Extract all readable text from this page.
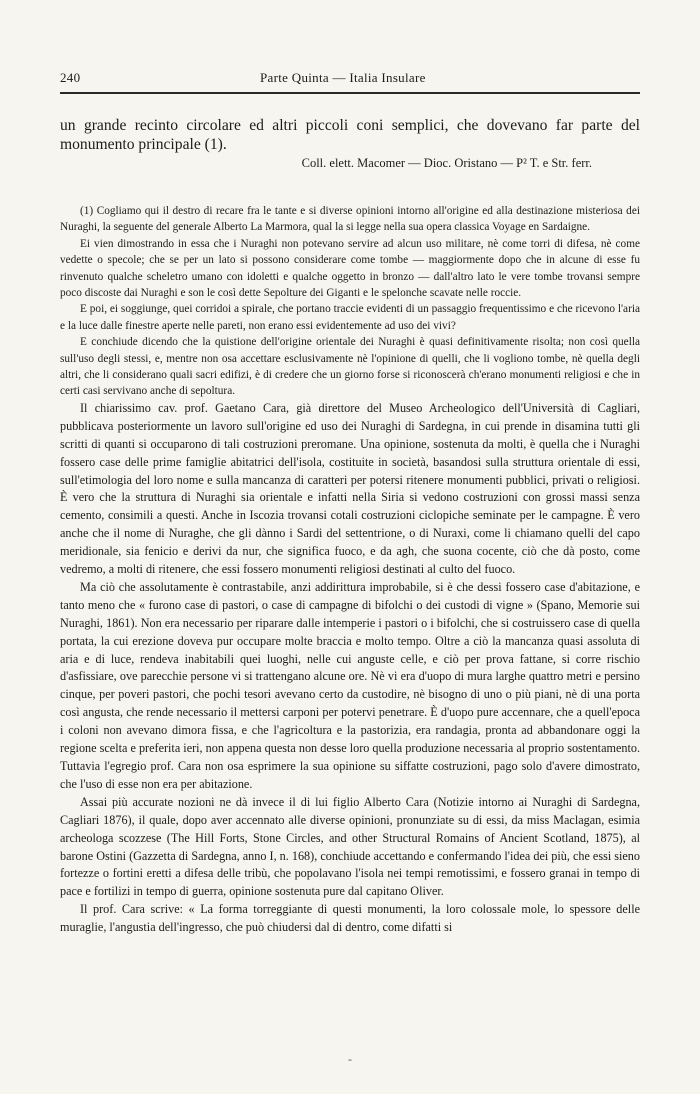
240	Parte Quinta — Italia Insulare

un grande recinto circolare ed altri piccoli coni semplici, che dovevano far parte del monumento principale (1).

Coll. elett. Macomer — Dioc. Oristano — P² T. e Str. ferr.

(1) Cogliamo qui il destro di recare fra le tante e si diverse opinioni intorno all'origine ed alla destinazione misteriosa dei Nuraghi, la seguente del generale Alberto La Marmora, qual la si legge nella sua opera classica Voyage en Sardaigne.

Ei vien dimostrando in essa che i Nuraghi non potevano servire ad alcun uso militare, nè come torri di difesa, nè come vedette o specole; che se per un lato si possono considerare come tombe — maggiormente dopo che in alcune di esse fu rinvenuto qualche scheletro umano con idoletti e qualche oggetto in bronzo — dall'altro lato le vere tombe trovansi sempre poco discoste dai Nuraghi e son le così dette Sepolture dei Giganti e le spelonche scavate nelle roccie.

E poi, ei soggiunge, quei corridoi a spirale, che portano traccie evidenti di un passaggio frequentissimo e che ricevono l'aria e la luce dalle finestre aperte nelle pareti, non erano essi evidentemente ad uso dei vivi?

E conchiude dicendo che la quistione dell'origine orientale dei Nuraghi è quasi definitivamente risolta; non così quella sull'uso degli stessi, e, mentre non osa accettare esclusivamente nè l'opinione di quelli, che li vogliono tombe, nè quella degli altri, che li considerano quali sacri edifizi, è di credere che un giorno forse si riconoscerà ch'erano monumenti religiosi e che in certi casi servivano anche di sepoltura.

Il chiarissimo cav. prof. Gaetano Cara, già direttore del Museo Archeologico dell'Università di Cagliari, pubblicava posteriormente un lavoro sull'origine ed uso dei Nuraghi di Sardegna, in cui prende in disamina tutti gli scritti di quanti si occuparono di tali costruzioni preromane. Una opinione, sostenuta da molti, è quella che i Nuraghi fossero case delle prime famiglie abitatrici dell'isola, costituite in società, basandosi sulla struttura orientale di essi, sull'etimologia del loro nome e sulla mancanza di caratteri per potersi ritenere monumenti pubblici, privati o religiosi. È vero che la struttura di Nuraghi sia orientale e infatti nella Siria si vedono costruzioni con grossi massi senza cemento, consimili a questi. Anche in Iscozia trovansi cotali costruzioni ciclopiche seminate per le campagne. È vero anche che il nome di Nuraghe, che gli dànno i Sardi del settentrione, o di Nuraxi, come li chiamano quelli del capo meridionale, sia fenicio e derivi da nur, che significa fuoco, e da agh, che suona cocente, ciò che dà posto, come vedremo, a molti di ritenere, che essi fossero monumenti religiosi destinati al culto del fuoco.

Ma ciò che assolutamente è contrastabile, anzi addirittura improbabile, si è che dessi fossero case d'abitazione, e tanto meno che « furono case di pastori, o case di campagne di bifolchi o dei custodi di vigne » (Spano, Memorie sui Nuraghi, 1861). Non era necessario per riparare dalle intemperie i pastori o i bifolchi, che si costruissero case di quella portata, la cui erezione doveva pur occupare molte braccia e molto tempo. Oltre a ciò la mancanza quasi assoluta di aria e di luce, rendeva inabitabili quei luoghi, nelle cui anguste celle, e ciò per prova fattane, si corre rischio d'asfissiare, ove parecchie persone vi si trattengano alcune ore. Nè vi era d'uopo di mura larghe quattro metri e persino cinque, per poveri pastori, che pochi tesori avevano certo da custodire, nè bisogno di uno o più piani, nè di una porta così angusta, che rende necessario il mettersi carponi per potervi penetrare. È d'uopo pure accennare, che a quell'epoca i coloni non avevano dimora fissa, e che l'agricoltura e la pastorizia, era randagia, pronta ad abbandonare oggi la regione scelta e preferita ieri, non appena questa non desse loro quella produzione necessaria al proprio sostentamento. Tuttavia l'egregio prof. Cara non osa esprimere la sua opinione su siffatte costruzioni, pago solo d'avere dimostrato, che l'uso di esse non era per abitazione.

Assai più accurate nozioni ne dà invece il di lui figlio Alberto Cara (Notizie intorno ai Nuraghi di Sardegna, Cagliari 1876), il quale, dopo aver accennato alle diverse opinioni, pronunziate su di essi, da miss Maclagan, esimia archeologa scozzese (The Hill Forts, Stone Circles, and other Structural Romains of Ancient Scotland, 1875), al barone Ostini (Gazzetta di Sardegna, anno I, n. 168), conchiude accettando e confermando l'idea dei più, che essi sieno fortezze o fortini eretti a difesa delle tribù, che popolavano l'isola nei tempi remotissimi, e fossero granai in tempo di pace e fortilizi in tempo di guerra, opinione sostenuta pure dal capitano Oliver.

Il prof. Cara scrive: « La forma torreggiante di questi monumenti, la loro colossale mole, lo spessore delle muraglie, l'angustia dell'ingresso, che può chiudersi dal di dentro, come difatti si

-
